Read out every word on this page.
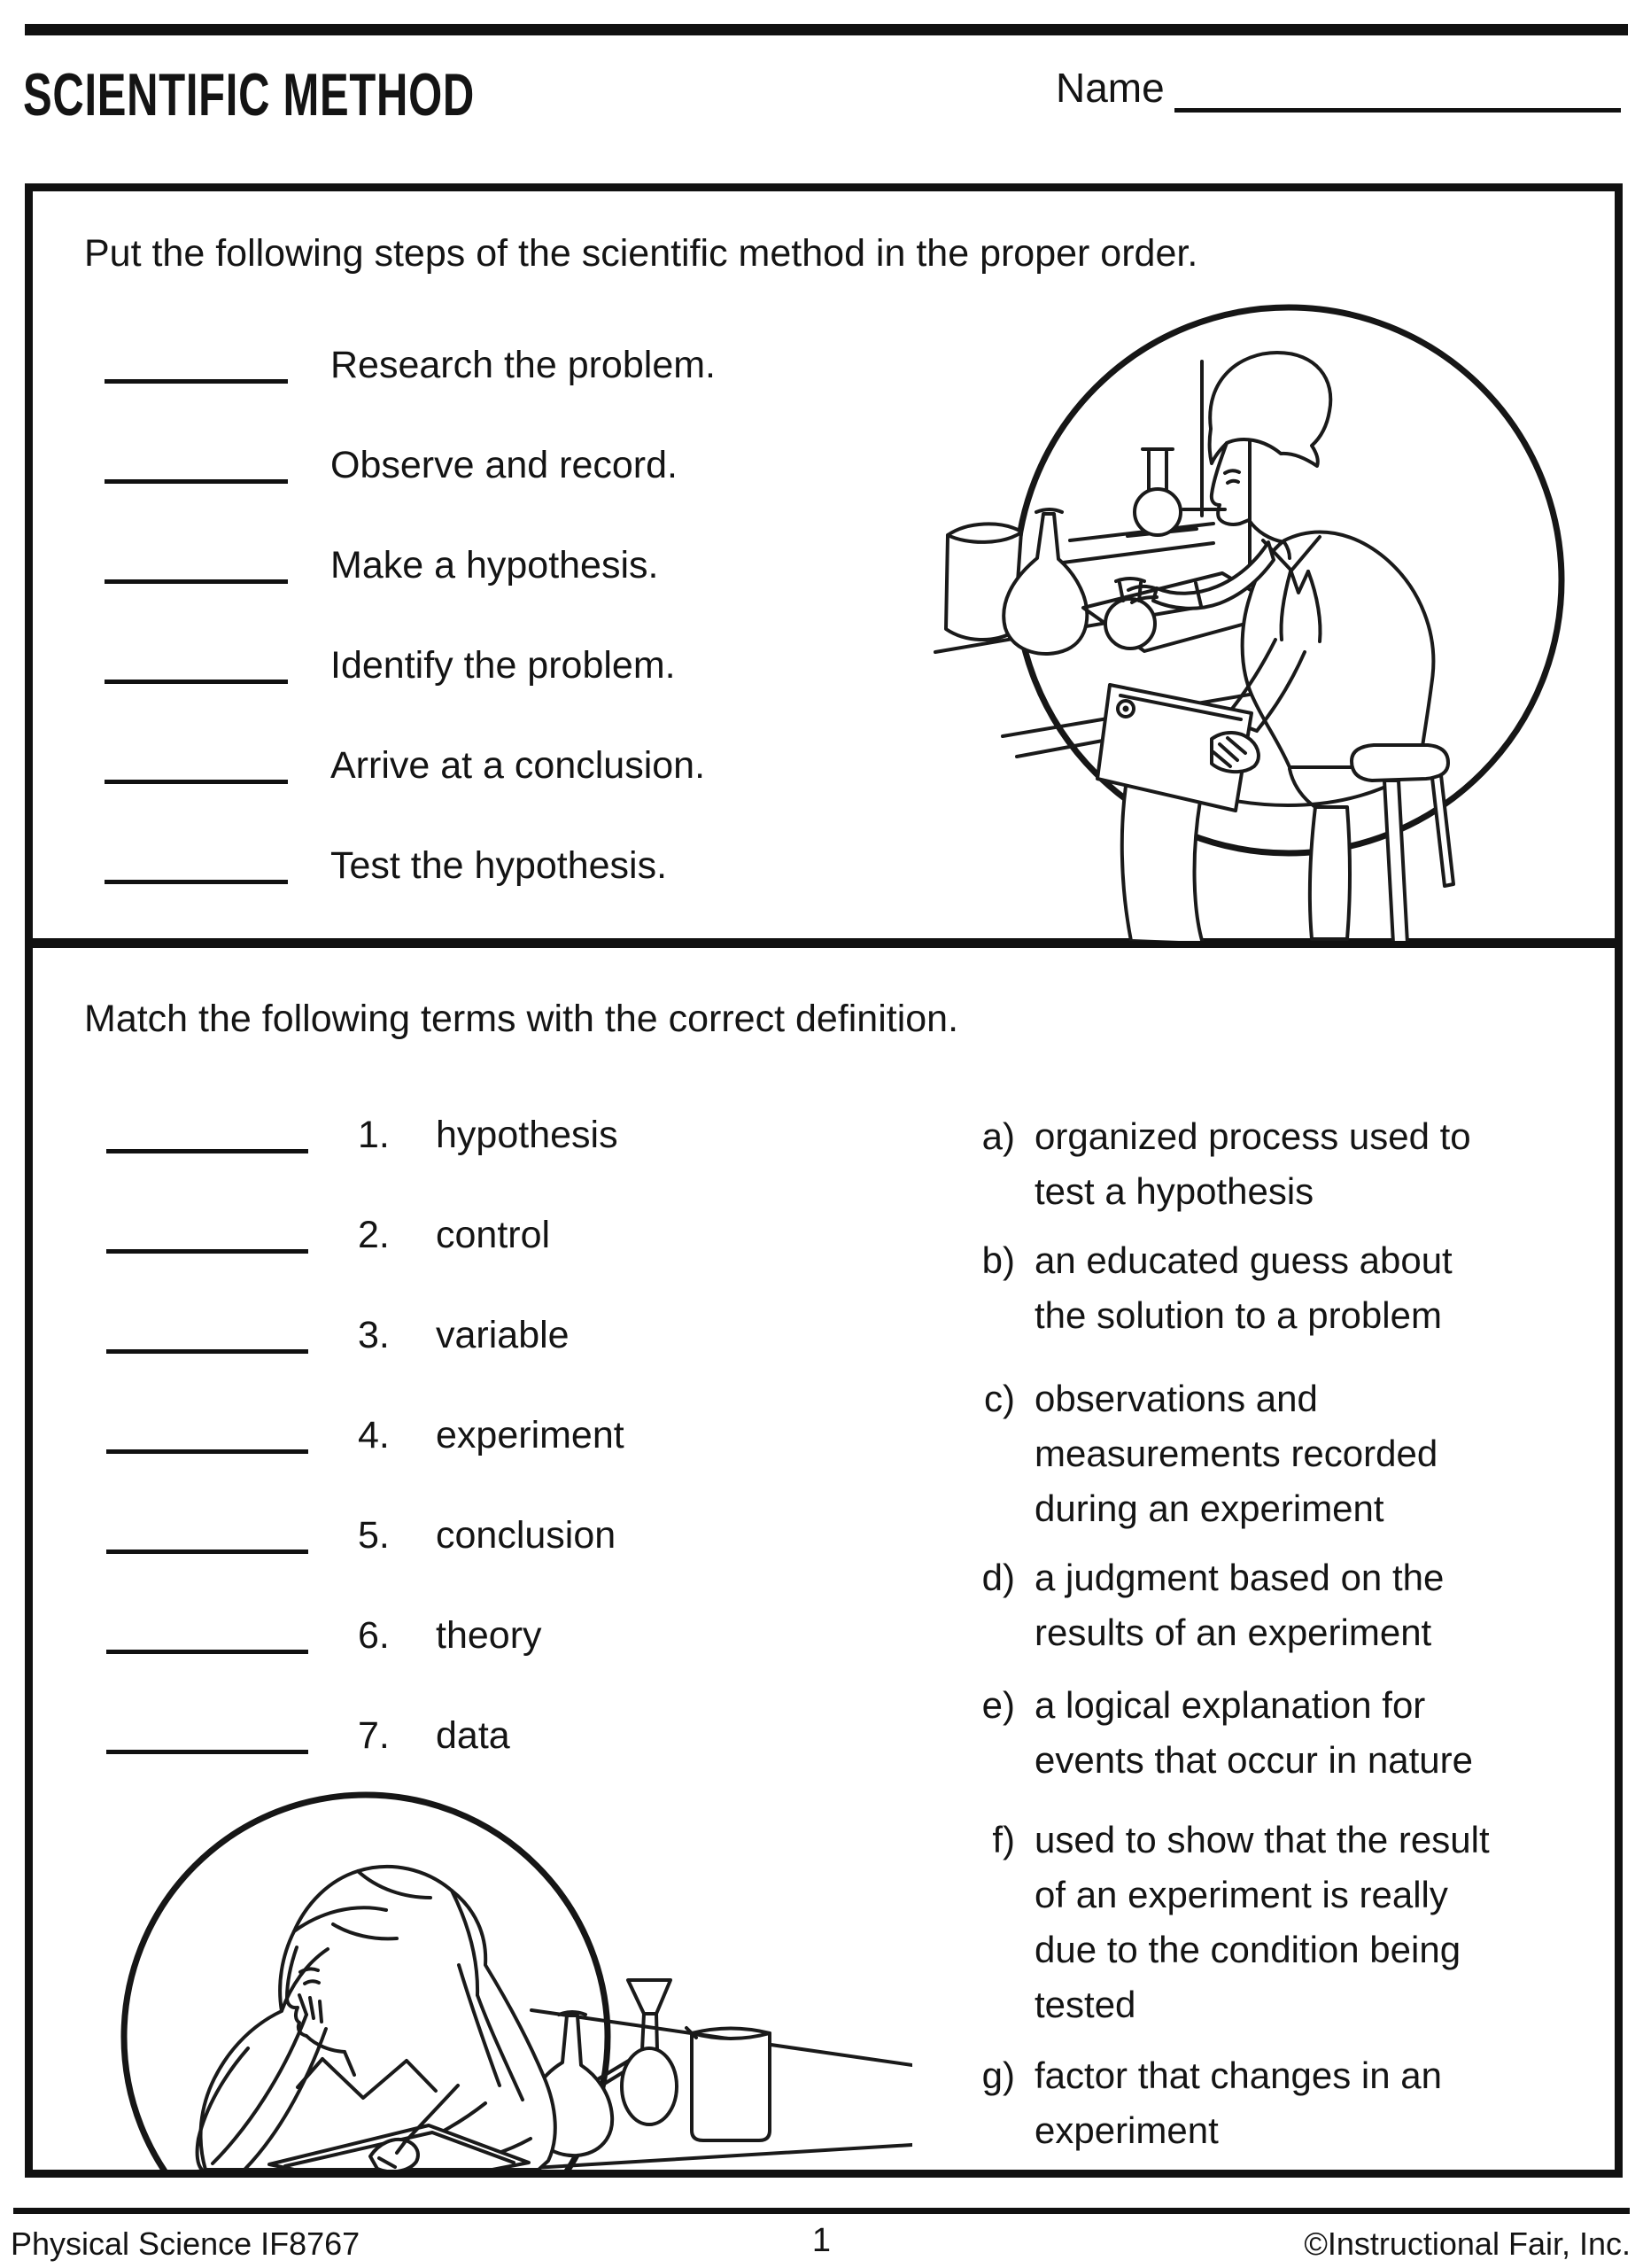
SCIENTIFIC METHOD	Name
Put the following steps of the scientific method in the proper order.
Research the problem.
Observe and record.
Make a hypothesis.
Identify the problem.
Arrive at a conclusion.
Test the hypothesis.
Match the following terms with the correct definition.
1.	hypothesis
2.	control
3.	variable
4.	experiment
5.	conclusion
6.	theory
7.	data
a) organized process used to test a hypothesis
b) an educated guess about the solution to a problem
c) observations and measurements recorded during an experiment
d) a judgment based on the results of an experiment
e) a logical explanation for events that occur in nature
f) used to show that the result of an experiment is really due to the condition being tested
g) factor that changes in an experiment
Physical Science IF8767	1	©Instructional Fair, Inc.
